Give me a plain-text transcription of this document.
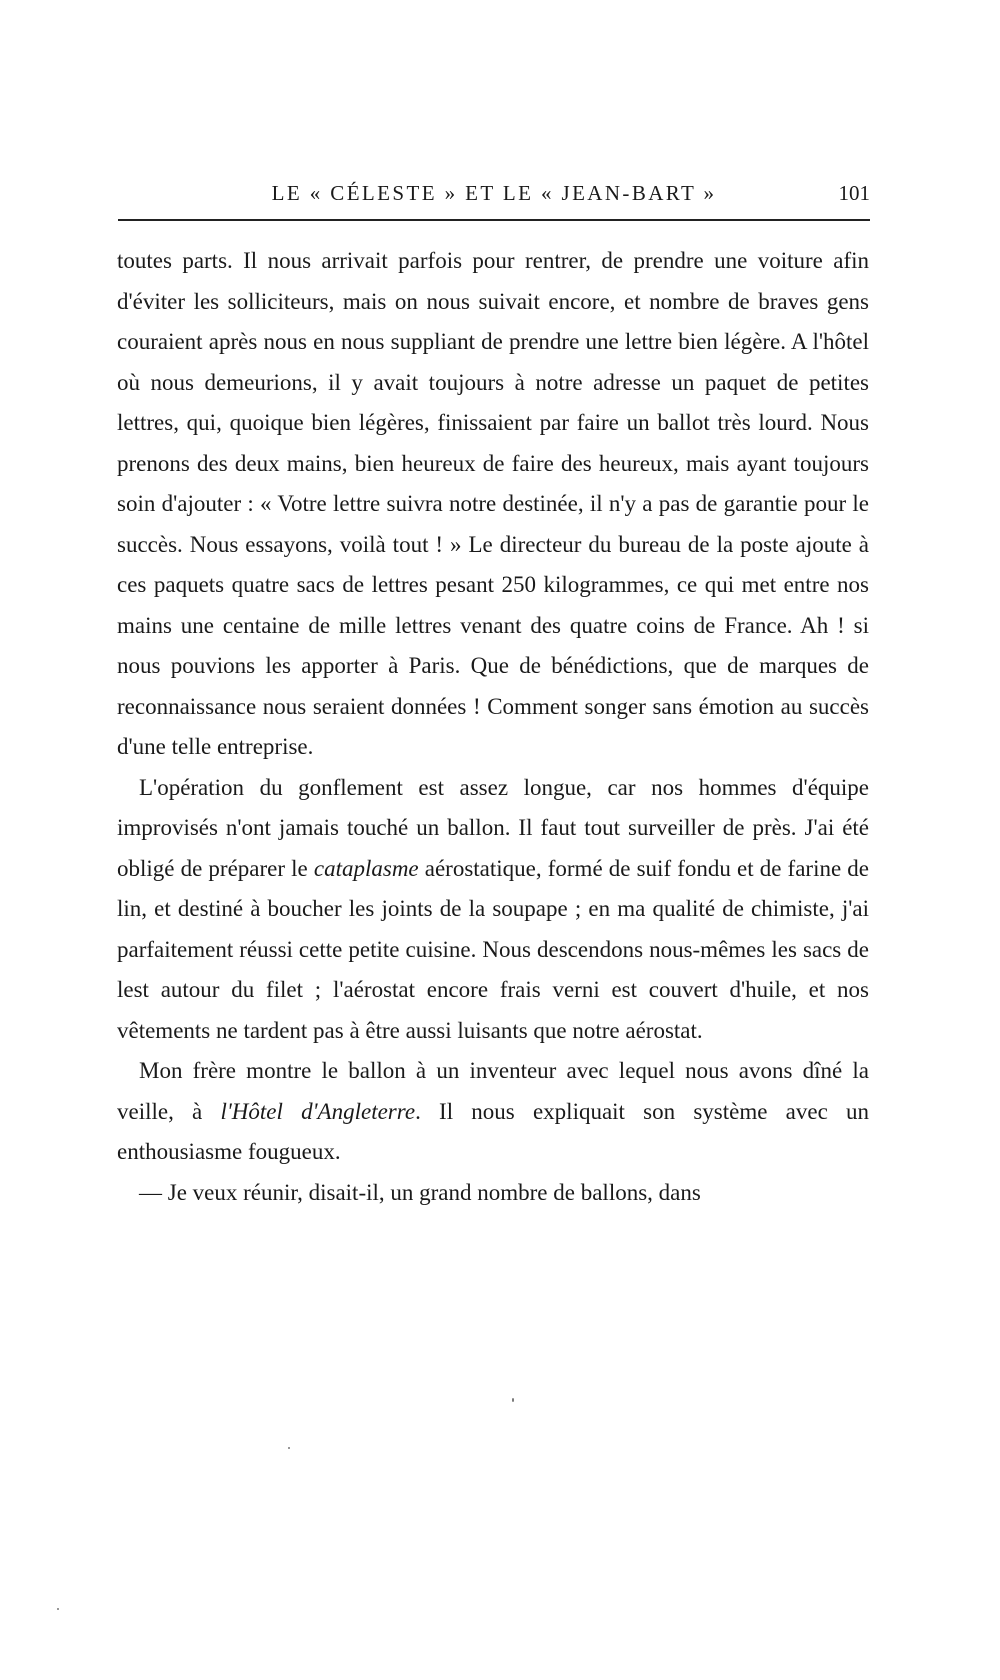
LE « CÉLESTE » ET LE « JEAN-BART »	101

toutes parts. Il nous arrivait parfois pour rentrer, de prendre une voiture afin d'éviter les solliciteurs, mais on nous suivait encore, et nombre de braves gens couraient après nous en nous suppliant de prendre une lettre bien légère. A l'hôtel où nous demeurions, il y avait toujours à notre adresse un paquet de petites lettres, qui, quoique bien légères, finissaient par faire un ballot très lourd. Nous prenons des deux mains, bien heureux de faire des heureux, mais ayant toujours soin d'ajouter : « Votre lettre suivra notre destinée, il n'y a pas de garantie pour le succès. Nous essayons, voilà tout ! » Le directeur du bureau de la poste ajoute à ces paquets quatre sacs de lettres pesant 250 kilogrammes, ce qui met entre nos mains une centaine de mille lettres venant des quatre coins de France. Ah ! si nous pouvions les apporter à Paris. Que de bénédictions, que de marques de reconnaissance nous seraient données ! Comment songer sans émotion au succès d'une telle entreprise.

L'opération du gonflement est assez longue, car nos hommes d'équipe improvisés n'ont jamais touché un ballon. Il faut tout surveiller de près. J'ai été obligé de préparer le cataplasme aérostatique, formé de suif fondu et de farine de lin, et destiné à boucher les joints de la soupape ; en ma qualité de chimiste, j'ai parfaitement réussi cette petite cuisine. Nous descendons nous-mêmes les sacs de lest autour du filet ; l'aérostat encore frais verni est couvert d'huile, et nos vêtements ne tardent pas à être aussi luisants que notre aérostat.

Mon frère montre le ballon à un inventeur avec lequel nous avons dîné la veille, à l'Hôtel d'Angleterre. Il nous expliquait son système avec un enthousiasme fougueux.

— Je veux réunir, disait-il, un grand nombre de ballons, dans
